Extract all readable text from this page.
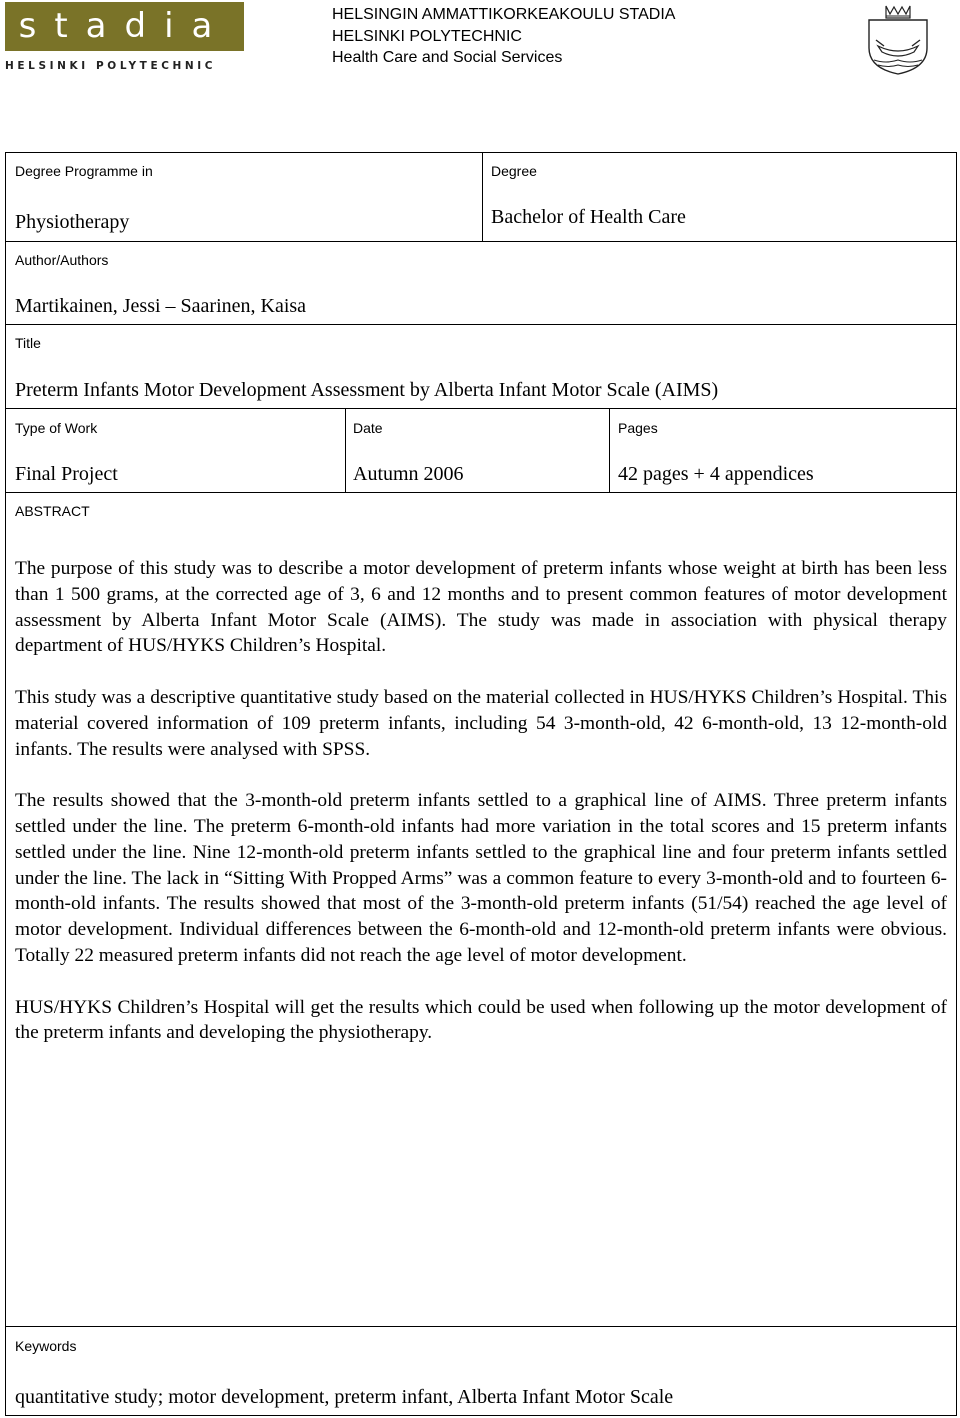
stadia
HELSINKI POLYTECHNIC
HELSINGIN AMMATTIKORKEAKOULU STADIA
HELSINKI POLYTECHNIC
Health Care and Social Services
Degree Programme in
Physiotherapy
Degree
Bachelor of Health Care
Author/Authors
Martikainen, Jessi – Saarinen, Kaisa
Title
Preterm Infants Motor Development Assessment by Alberta Infant Motor Scale (AIMS)
Type of Work
Final Project
Date
Autumn 2006
Pages
42 pages + 4 appendices
ABSTRACT

The purpose of this study was to describe a motor development of preterm infants whose weight at birth has been less than 1 500 grams, at the corrected age of 3, 6 and 12 months and to present common features of motor development assessment by Alberta Infant Motor Scale (AIMS). The study was made in association with physical therapy department of HUS/HYKS Children’s Hospital.

This study was a descriptive quantitative study based on the material collected in HUS/HYKS Children’s Hospital. This material covered information of 109 preterm infants, including 54 3-month-old, 42 6-month-old, 13 12-month-old infants. The results were analysed with SPSS.

The results showed that the 3-month-old preterm infants settled to a graphical line of AIMS. Three preterm infants settled under the line. The preterm 6-month-old infants had more variation in the total scores and 15 preterm infants settled under the line. Nine 12-month-old preterm infants settled to the graphical line and four preterm infants settled under the line. The lack in “Sitting With Propped Arms” was a common feature to every 3-month-old and to fourteen 6-month-old infants. The results showed that most of the 3-month-old preterm infants (51/54) reached the age level of motor development. Individual differences between the 6-month-old and 12-month-old preterm infants were obvious. Totally 22 measured preterm infants did not reach the age level of motor development.

HUS/HYKS Children’s Hospital will get the results which could be used when following up the motor development of the preterm infants and developing the physiotherapy.

Keywords
quantitative study; motor development, preterm infant, Alberta Infant Motor Scale
